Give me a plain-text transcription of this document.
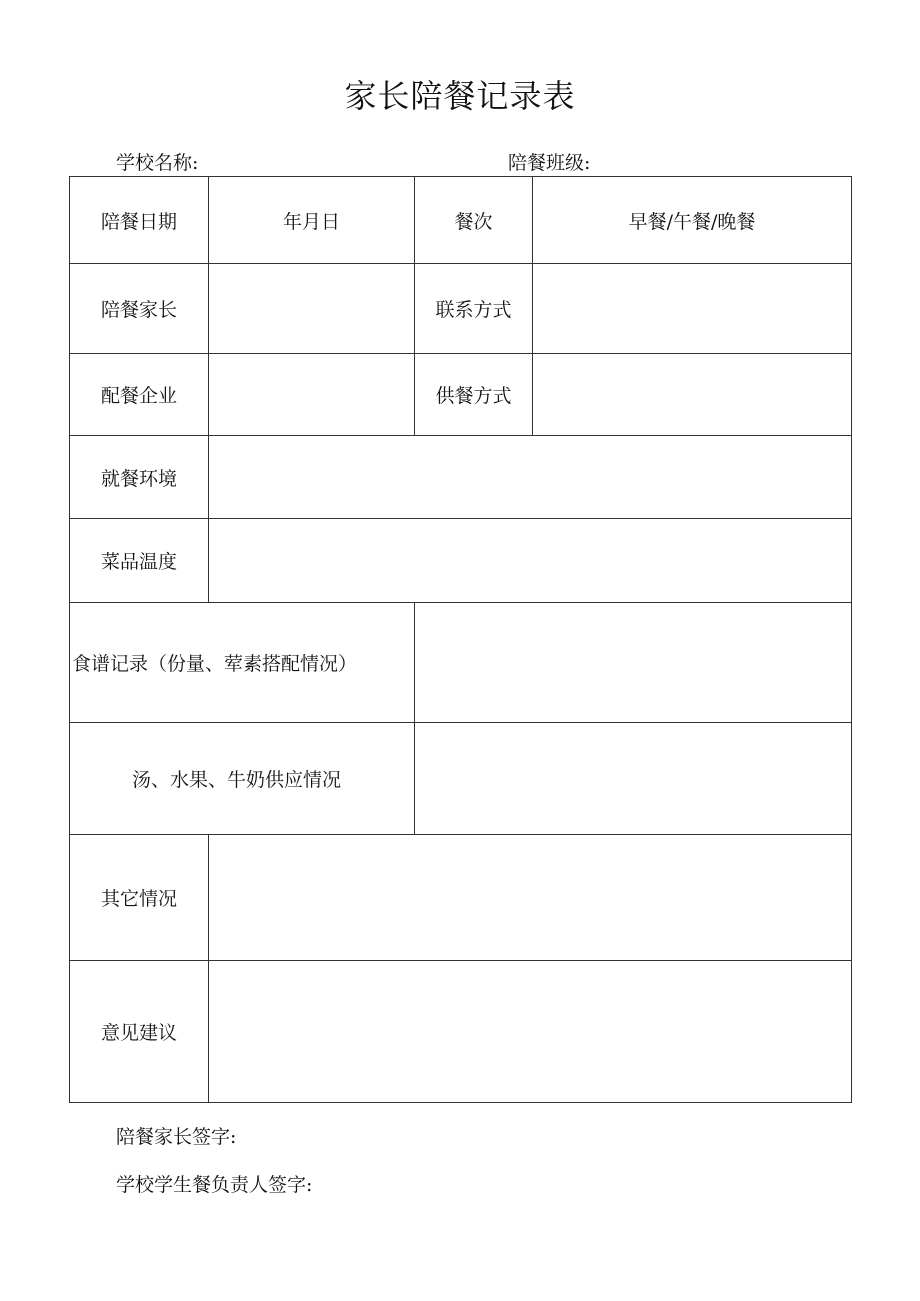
家长陪餐记录表
学校名称:	陪餐班级:
陪餐日期	年月日	餐次	早餐/午餐/晚餐
陪餐家长		联系方式	
配餐企业		供餐方式	
就餐环境			
菜品温度			
食谱记录（份量、荤素搭配情况）			
汤、水果、牛奶供应情况			
其它情况			
意见建议			
陪餐家长签字:
学校学生餐负责人签字:
